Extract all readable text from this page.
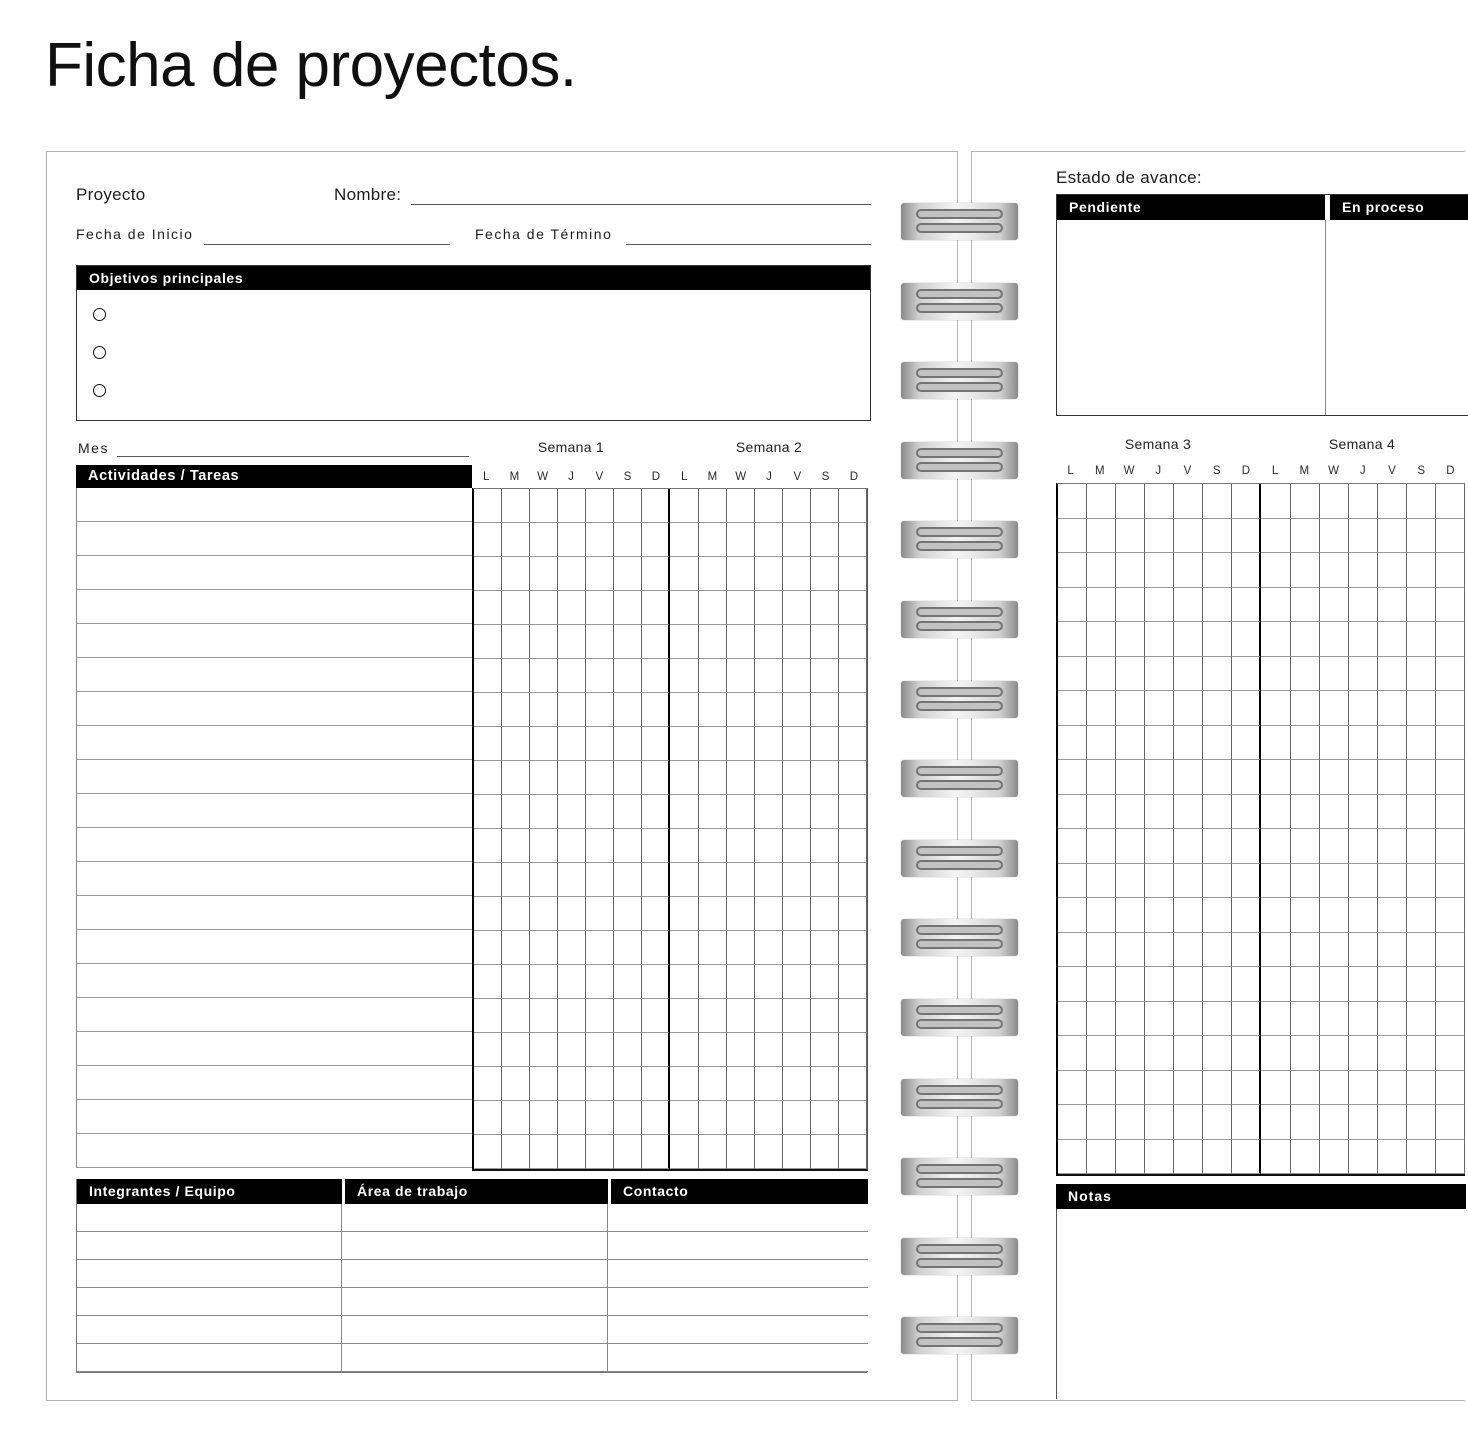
Ficha de proyectos.
Proyecto	Nombre:
Fecha de Inicio	Fecha de Término
Objetivos principales
Mes	Semana 1	Semana 2
Actividades / Tareas	L	M	W	J	V	S	D	L	M	W	J	V	S	D
Integrantes / Equipo	Área de trabajo	Contacto
Estado de avance:
Pendiente	En proceso
Semana 3	Semana 4
L	M	W	J	V	S	D	L	M	W	J	V	S	D
Notas
